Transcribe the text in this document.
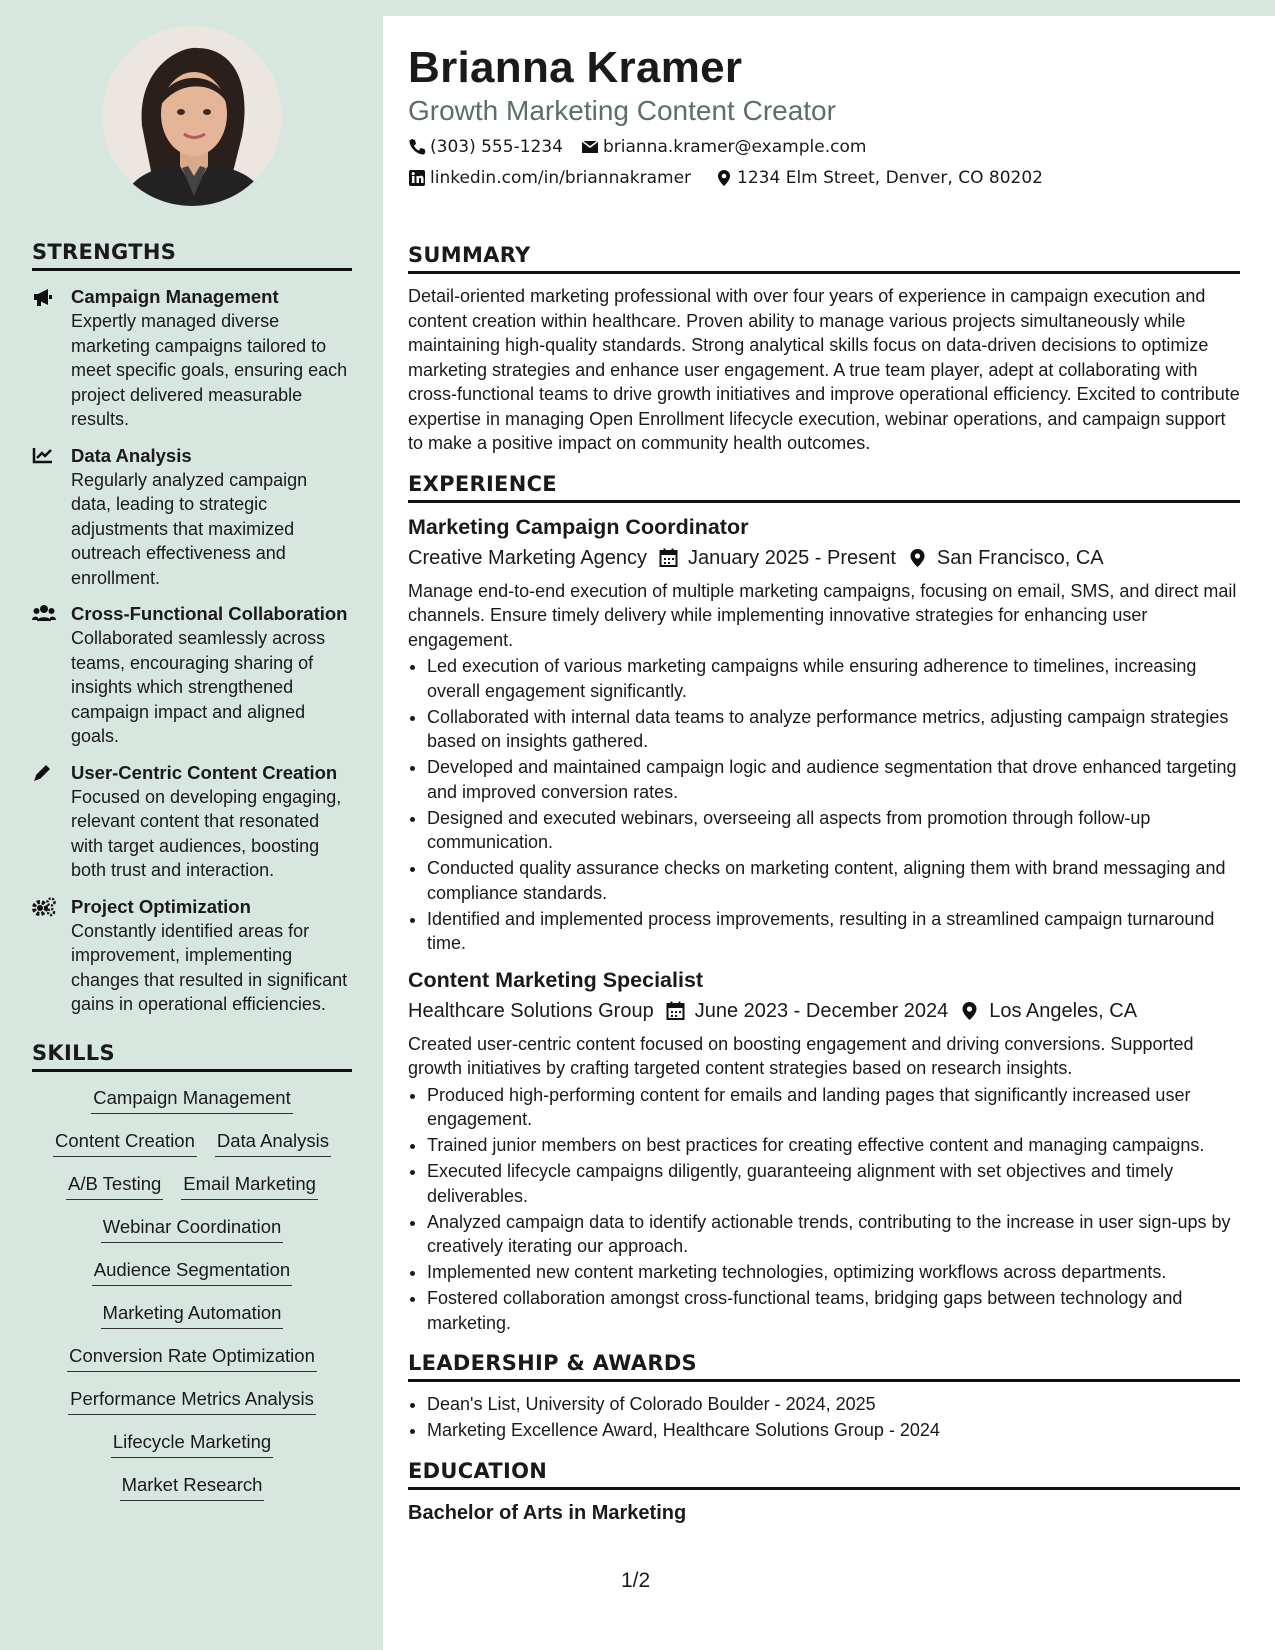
STRENGTHS
Campaign Management
Expertly managed diverse marketing campaigns tailored to meet specific goals, ensuring each project delivered measurable results.
Data Analysis
Regularly analyzed campaign data, leading to strategic adjustments that maximized outreach effectiveness and enrollment.
Cross-Functional Collaboration
Collaborated seamlessly across teams, encouraging sharing of insights which strengthened campaign impact and aligned goals.
User-Centric Content Creation
Focused on developing engaging, relevant content that resonated with target audiences, boosting both trust and interaction.
Project Optimization
Constantly identified areas for improvement, implementing changes that resulted in significant gains in operational efficiencies.
SKILLS
Campaign Management
Content Creation Data Analysis
A/B Testing Email Marketing
Webinar Coordination
Audience Segmentation
Marketing Automation
Conversion Rate Optimization
Performance Metrics Analysis
Lifecycle Marketing
Market Research
Brianna Kramer
Growth Marketing Content Creator
(303) 555-1234 brianna.kramer@example.com
linkedin.com/in/briannakramer	1234 Elm Street, Denver, CO 80202
SUMMARY
Detail-oriented marketing professional with over four years of experience in campaign execution and content creation within healthcare. Proven ability to manage various projects simultaneously while maintaining high-quality standards. Strong analytical skills focus on data-driven decisions to optimize marketing strategies and enhance user engagement. A true team player, adept at collaborating with cross-functional teams to drive growth initiatives and improve operational efficiency. Excited to contribute expertise in managing Open Enrollment lifecycle execution, webinar operations, and campaign support to make a positive impact on community health outcomes.
EXPERIENCE
Marketing Campaign Coordinator
Creative Marketing Agency January 2025 - Present San Francisco, CA
Manage end-to-end execution of multiple marketing campaigns, focusing on email, SMS, and direct mail channels. Ensure timely delivery while implementing innovative strategies for enhancing user engagement.
• Led execution of various marketing campaigns while ensuring adherence to timelines, increasing overall engagement significantly.
• Collaborated with internal data teams to analyze performance metrics, adjusting campaign strategies based on insights gathered.
• Developed and maintained campaign logic and audience segmentation that drove enhanced targeting and improved conversion rates.
• Designed and executed webinars, overseeing all aspects from promotion through follow-up communication.
• Conducted quality assurance checks on marketing content, aligning them with brand messaging and compliance standards.
• Identified and implemented process improvements, resulting in a streamlined campaign turnaround time.
Content Marketing Specialist
Healthcare Solutions Group June 2023 - December 2024 Los Angeles, CA
Created user-centric content focused on boosting engagement and driving conversions. Supported growth initiatives by crafting targeted content strategies based on research insights.
• Produced high-performing content for emails and landing pages that significantly increased user engagement.
• Trained junior members on best practices for creating effective content and managing campaigns.
• Executed lifecycle campaigns diligently, guaranteeing alignment with set objectives and timely deliverables.
• Analyzed campaign data to identify actionable trends, contributing to the increase in user sign-ups by creatively iterating our approach.
• Implemented new content marketing technologies, optimizing workflows across departments.
• Fostered collaboration amongst cross-functional teams, bridging gaps between technology and marketing.
LEADERSHIP & AWARDS
• Dean's List, University of Colorado Boulder - 2024, 2025
• Marketing Excellence Award, Healthcare Solutions Group - 2024
EDUCATION
Bachelor of Arts in Marketing
1/2
